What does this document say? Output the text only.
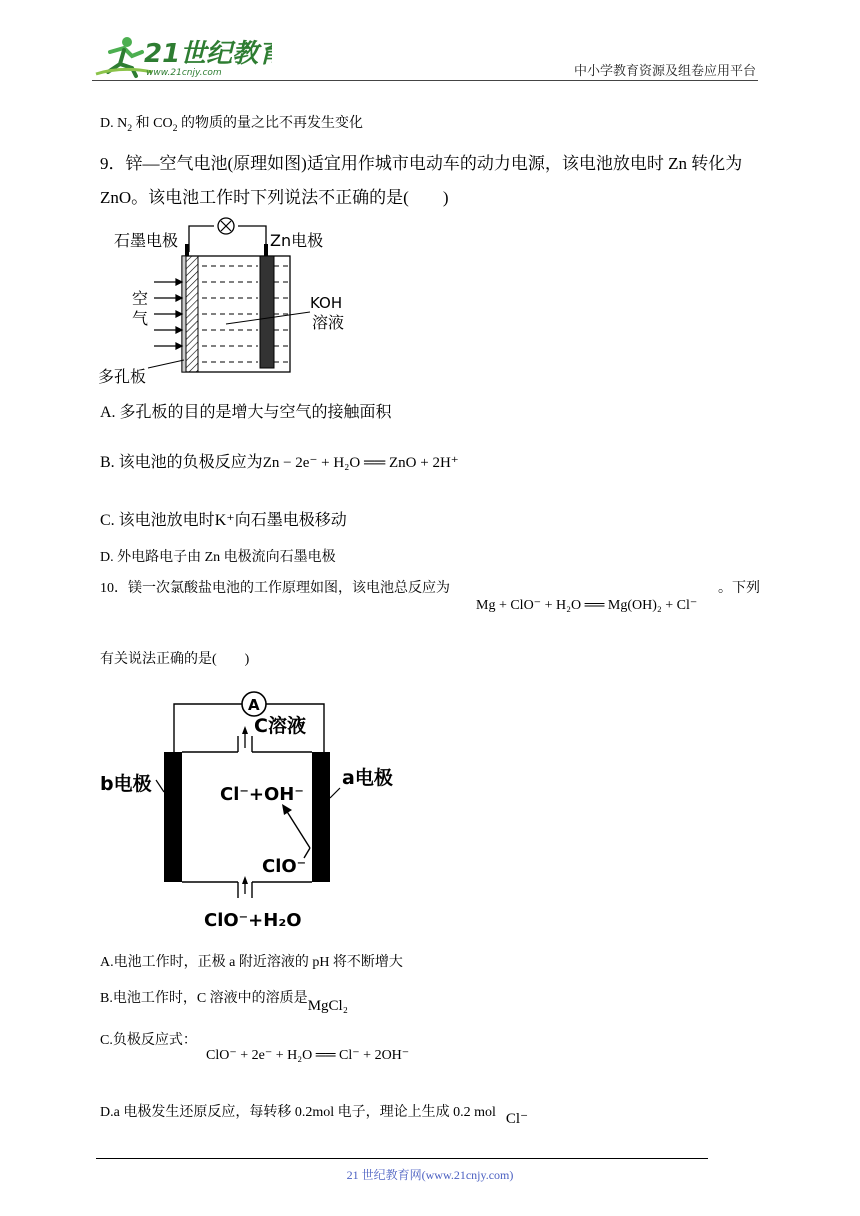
21世纪教育
www.21cnjy.com	中小学教育资源及组卷应用平台
D. $N_2$ 和 $CO_2$ 的物质的量之比不再发生变化
9．锌—空气电池(原理如图)适宜用作城市电动车的动力电源，该电池放电时 Zn 转化为
ZnO。该电池工作时下列说法不正确的是(　　)
石墨电极	Zn电极
空
气
KOH
溶液
多孔板
A. 多孔板的目的是增大与空气的接触面积
B. 该电池的负极反应为Zn − 2e⁻ + H₂O ══ ZnO + 2H⁺
C. 该电池放电时K⁺向石墨电极移动
D. 外电路电子由 Zn 电极流向石墨电极
10．镁一次氯酸盐电池的工作原理如图，该电池总反应为	。下列
Mg + ClO⁻ + H₂O ══ Mg(OH)₂ + Cl⁻
有关说法正确的是(　　)
A
C溶液
b电极	a电极
Cl⁻+OH⁻
ClO⁻
ClO⁻+H₂O
A.电池工作时，正极 a 附近溶液的 pH 将不断增大
B.电池工作时，C 溶液中的溶质是MgCl₂
C.负极反应式：
ClO⁻ + 2e⁻ + H₂O ══ Cl⁻ + 2OH⁻
D.a 电极发生还原反应，每转移 0.2mol 电子，理论上生成 0.2 mol Cl⁻
21 世纪教育网(www.21cnjy.com)
